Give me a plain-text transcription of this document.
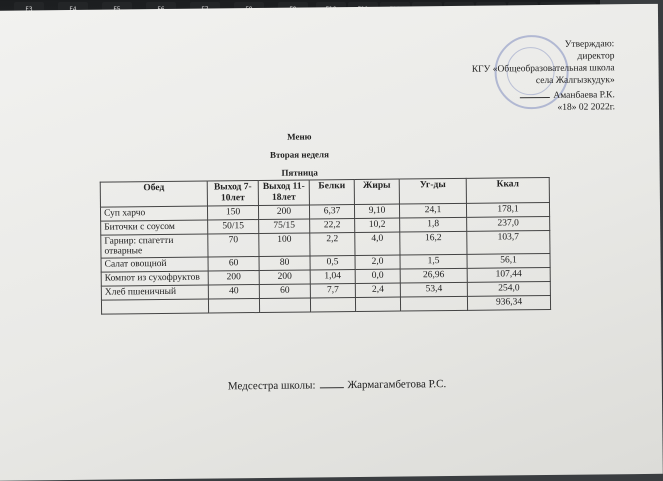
Утверждаю:
директор
КГУ «Общеобразовательная школа
села Жалгызкудук»
Аманбаева Р.К.
«18» 02 2022г.
Меню
Вторая неделя
Пятница
Обед	Выход 7-10лет	Выход 11-18лет	Белки	Жиры	Уг-ды	Ккал
Суп харчо	150	200	6,37	9,10	24,1	178,1
Биточки с соусом	50/15	75/15	22,2	10,2	1,8	237,0
Гарнир: спагетти отварные	70	100	2,2	4,0	16,2	103,7
Салат овощной	60	80	0,5	2,0	1,5	56,1
Компот из сухофруктов	200	200	1,04	0,0	26,96	107,44
Хлеб пшеничный	40	60	7,7	2,4	53,4	254,0
						936,34
Медсестра школы:	Жармагамбетова Р.С.
